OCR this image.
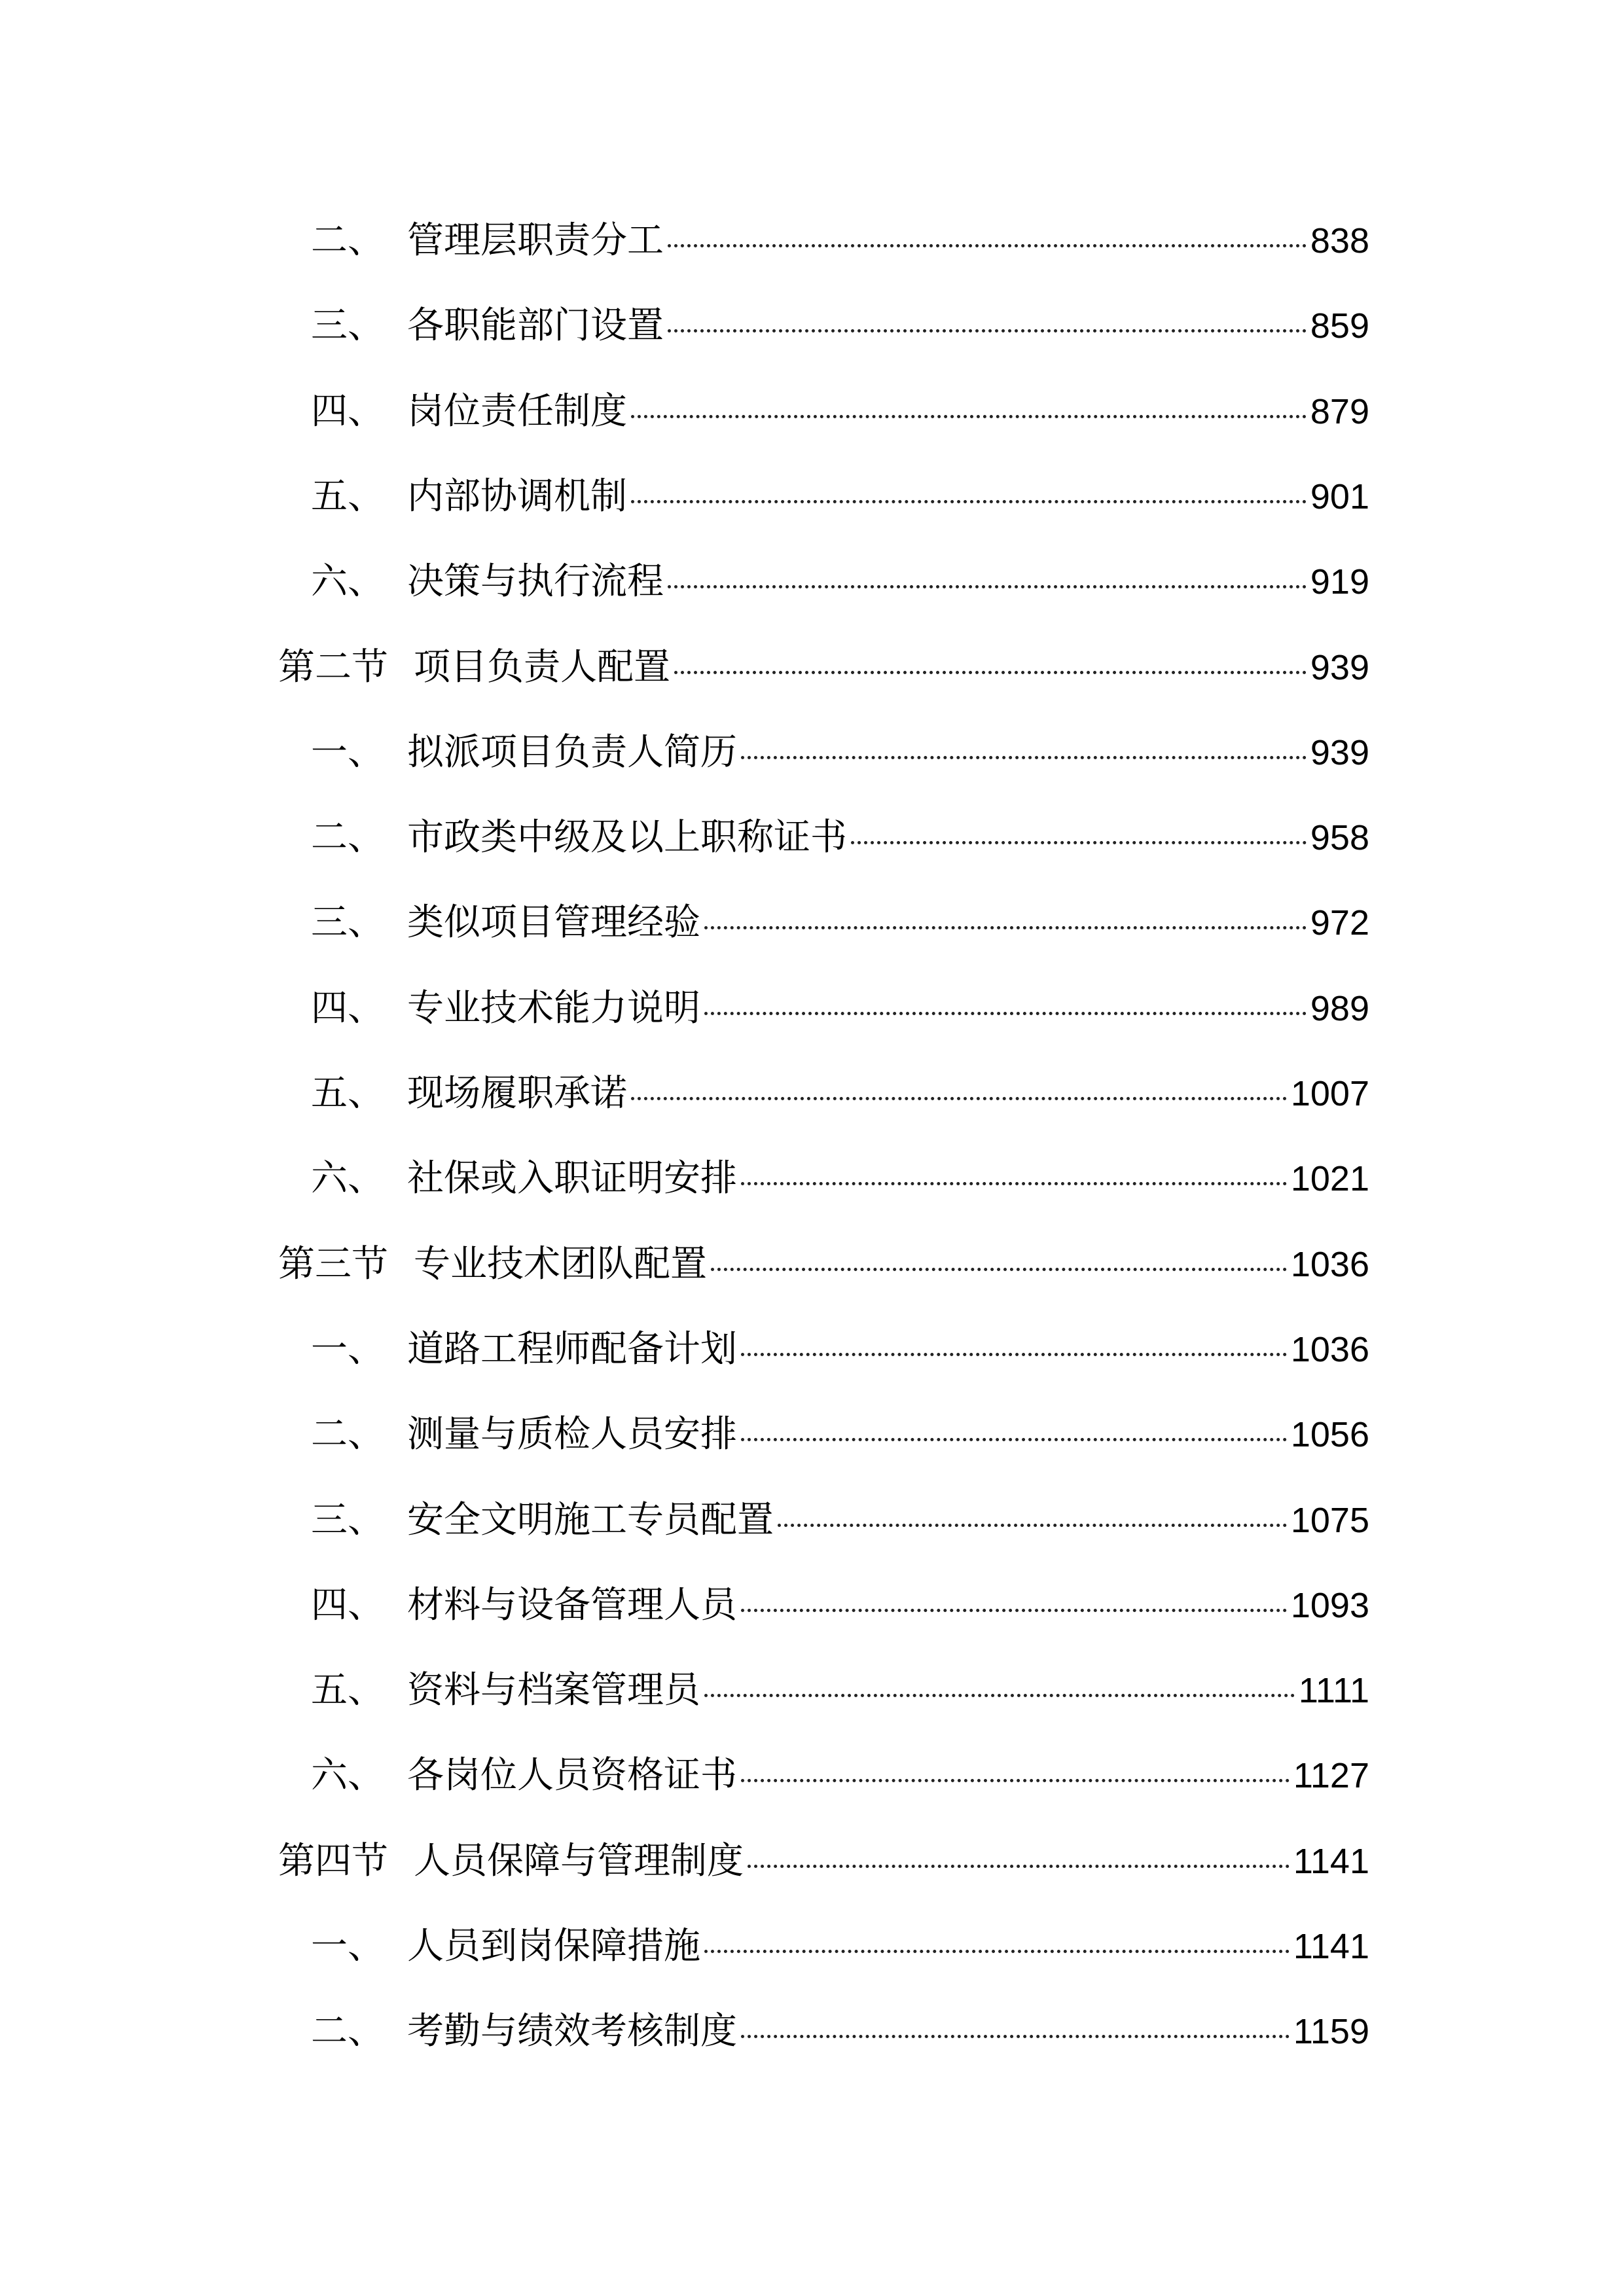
二、 管理层职责分工	838
三、 各职能部门设置	859
四、 岗位责任制度	879
五、 内部协调机制	901
六、 决策与执行流程	919
第二节 项目负责人配置	939
一、 拟派项目负责人简历	939
二、 市政类中级及以上职称证书	958
三、 类似项目管理经验	972
四、 专业技术能力说明	989
五、 现场履职承诺	1007
六、 社保或入职证明安排	1021
第三节 专业技术团队配置	1036
一、 道路工程师配备计划	1036
二、 测量与质检人员安排	1056
三、 安全文明施工专员配置	1075
四、 材料与设备管理人员	1093
五、 资料与档案管理员	1111
六、 各岗位人员资格证书	1127
第四节 人员保障与管理制度	1141
一、 人员到岗保障措施	1141
二、 考勤与绩效考核制度	1159
